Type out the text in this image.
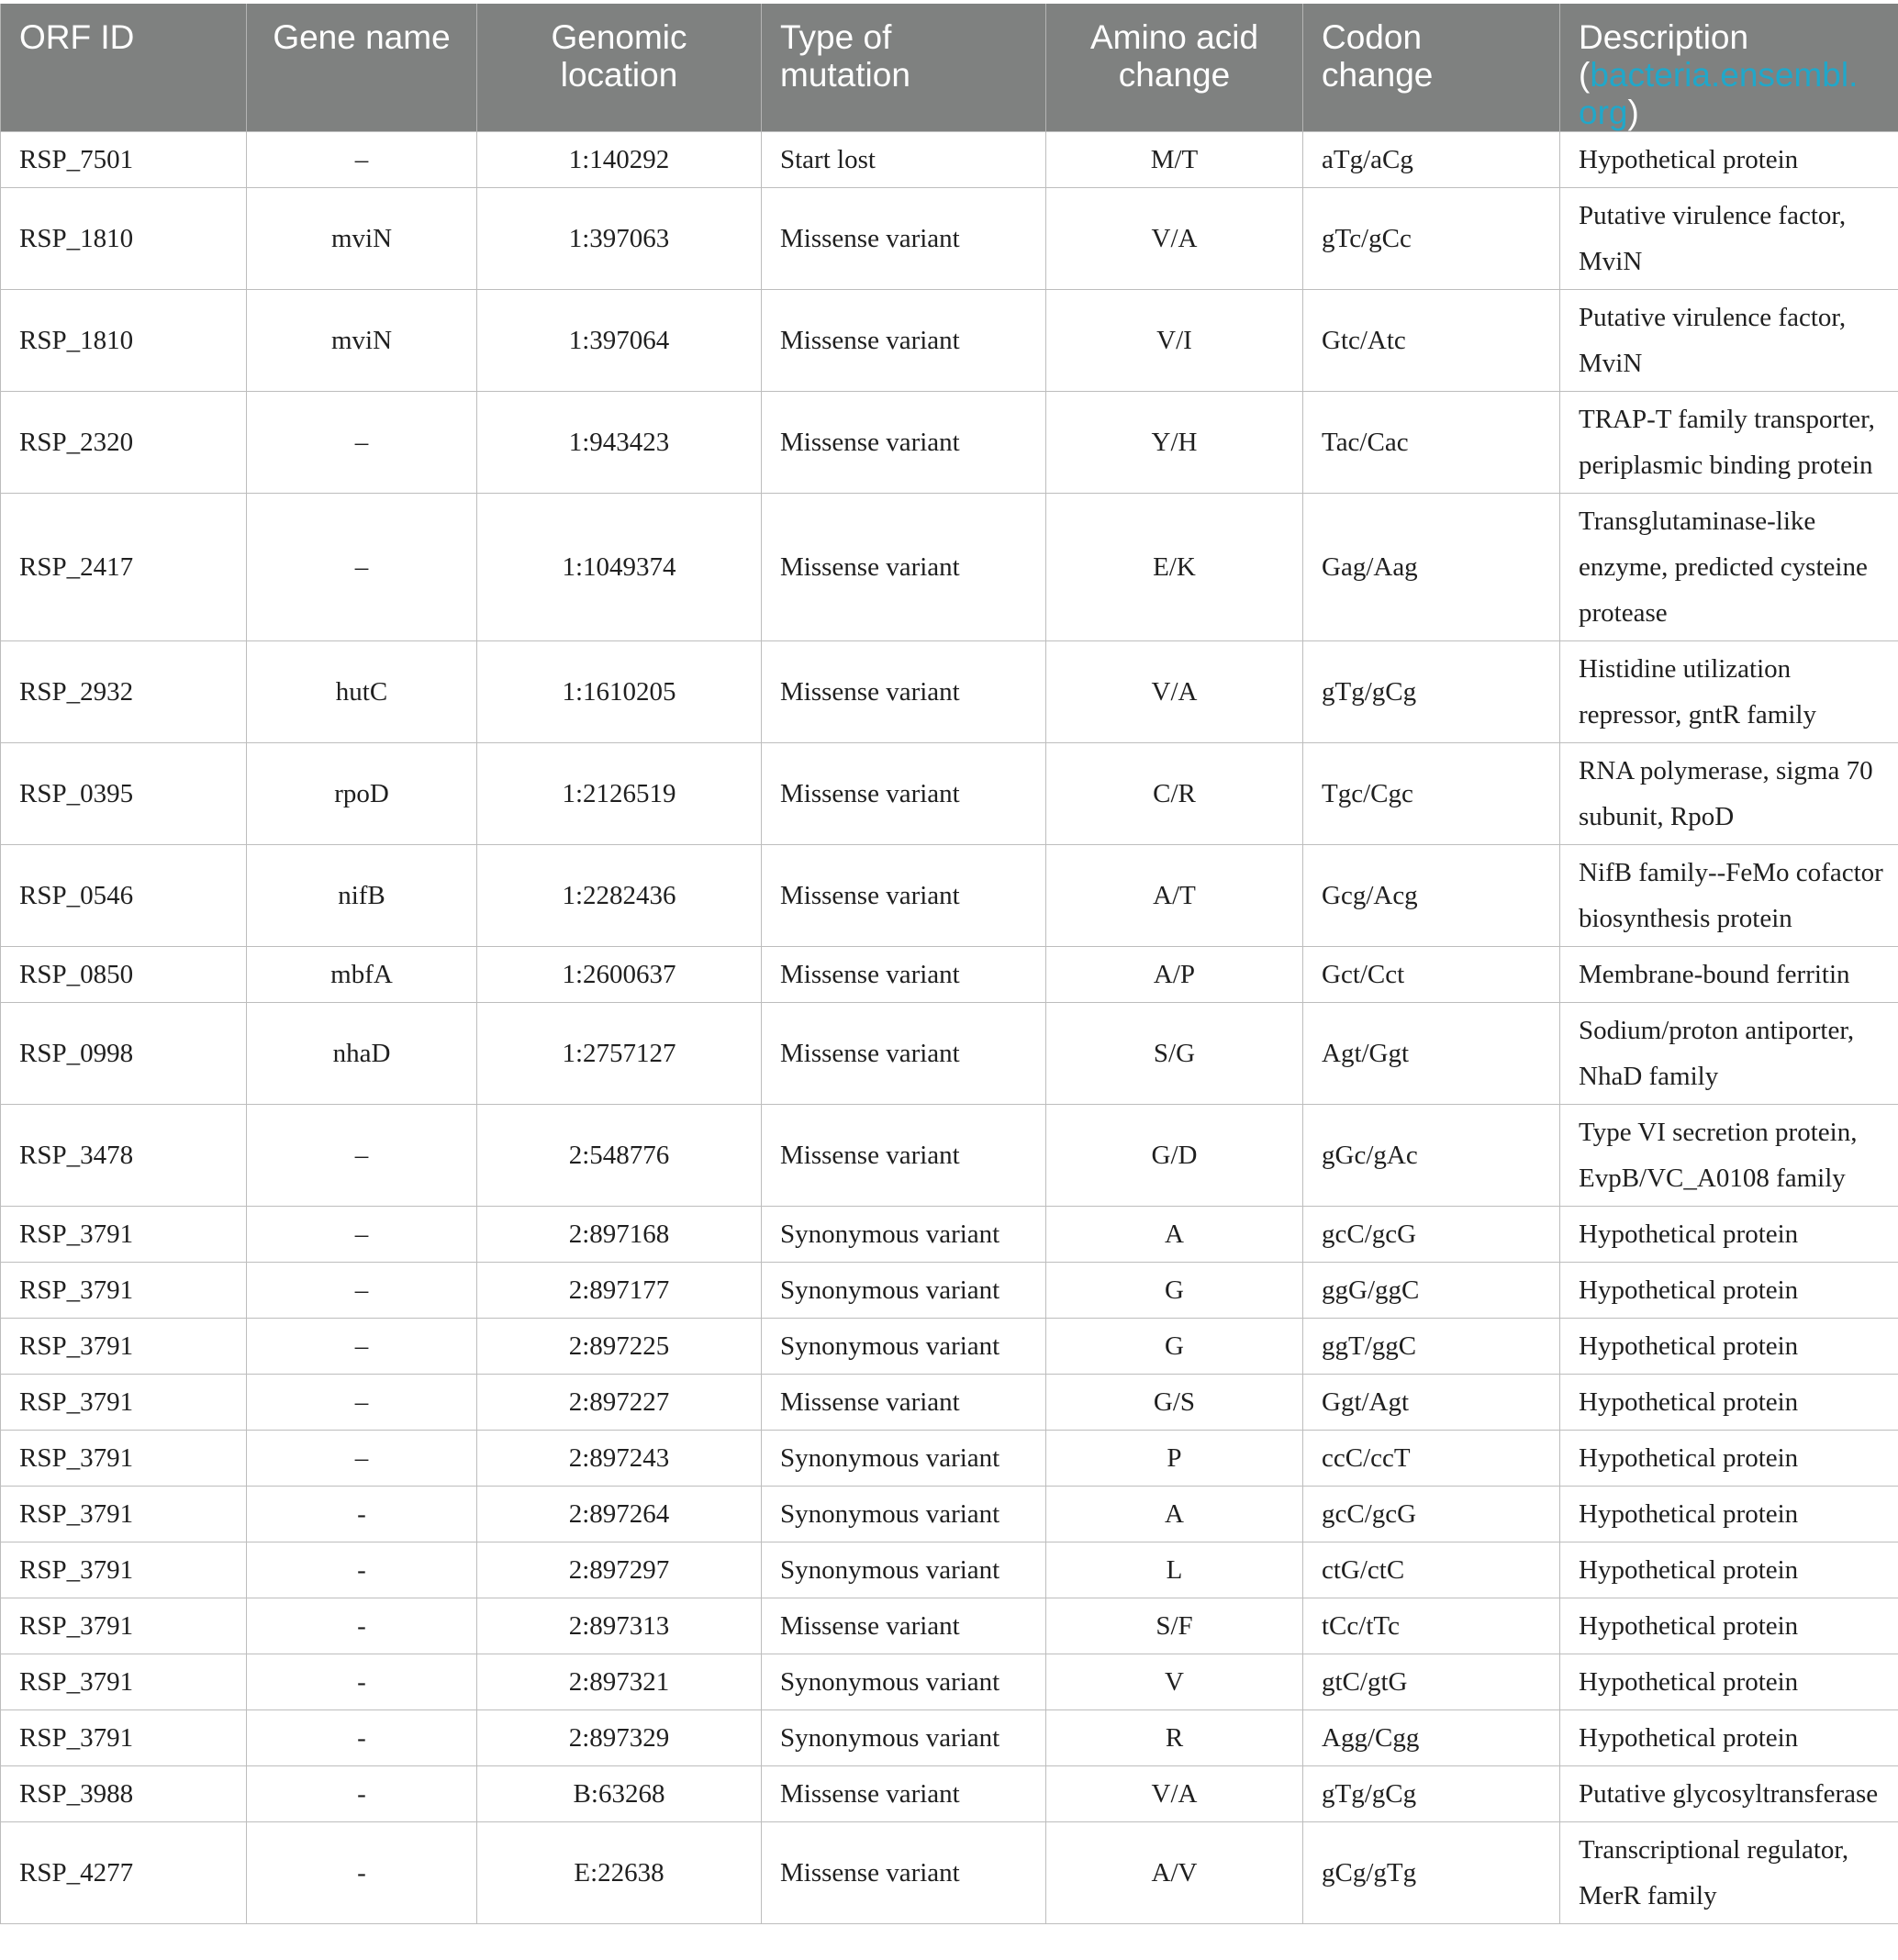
ORF ID	Gene name	Genomic location	Type of mutation	Amino acid change	Codon change	Description
(bacteria.ensembl.
org)
RSP_7501	–	1:140292	Start lost	M/T	aTg/aCg	Hypothetical protein
RSP_1810	mviN	1:397063	Missense variant	V/A	gTc/gCc	Putative virulence factor, MviN
RSP_1810	mviN	1:397064	Missense variant	V/I	Gtc/Atc	Putative virulence factor, MviN
RSP_2320	–	1:943423	Missense variant	Y/H	Tac/Cac	TRAP-T family transporter, periplasmic binding protein
RSP_2417	–	1:1049374	Missense variant	E/K	Gag/Aag	Transglutaminase-like enzyme, predicted cysteine protease
RSP_2932	hutC	1:1610205	Missense variant	V/A	gTg/gCg	Histidine utilization repressor, gntR family
RSP_0395	rpoD	1:2126519	Missense variant	C/R	Tgc/Cgc	RNA polymerase, sigma 70 subunit, RpoD
RSP_0546	nifB	1:2282436	Missense variant	A/T	Gcg/Acg	NifB family--FeMo cofactor biosynthesis protein
RSP_0850	mbfA	1:2600637	Missense variant	A/P	Gct/Cct	Membrane-bound ferritin
RSP_0998	nhaD	1:2757127	Missense variant	S/G	Agt/Ggt	Sodium/proton antiporter, NhaD family
RSP_3478	–	2:548776	Missense variant	G/D	gGc/gAc	Type VI secretion protein, EvpB/VC_A0108 family
RSP_3791	–	2:897168	Synonymous variant	A	gcC/gcG	Hypothetical protein
RSP_3791	–	2:897177	Synonymous variant	G	ggG/ggC	Hypothetical protein
RSP_3791	–	2:897225	Synonymous variant	G	ggT/ggC	Hypothetical protein
RSP_3791	–	2:897227	Missense variant	G/S	Ggt/Agt	Hypothetical protein
RSP_3791	–	2:897243	Synonymous variant	P	ccC/ccT	Hypothetical protein
RSP_3791	-	2:897264	Synonymous variant	A	gcC/gcG	Hypothetical protein
RSP_3791	-	2:897297	Synonymous variant	L	ctG/ctC	Hypothetical protein
RSP_3791	-	2:897313	Missense variant	S/F	tCc/tTc	Hypothetical protein
RSP_3791	-	2:897321	Synonymous variant	V	gtC/gtG	Hypothetical protein
RSP_3791	-	2:897329	Synonymous variant	R	Agg/Cgg	Hypothetical protein
RSP_3988	-	B:63268	Missense variant	V/A	gTg/gCg	Putative glycosyltransferase
RSP_4277	-	E:22638	Missense variant	A/V	gCg/gTg	Transcriptional regulator, MerR family
